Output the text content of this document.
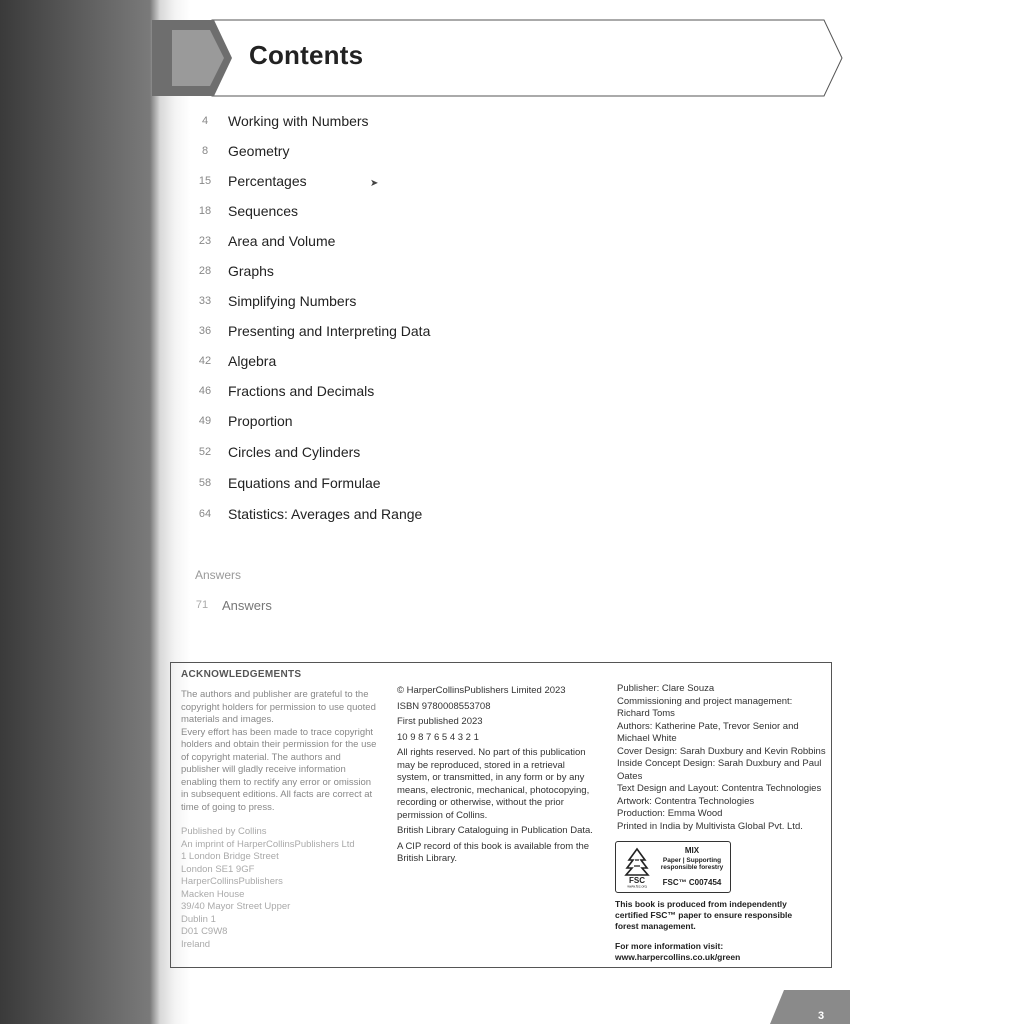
Contents
4	Working with Numbers
8	Geometry
15	Percentages
18	Sequences
23	Area and Volume
28	Graphs
33	Simplifying Numbers
36	Presenting and Interpreting Data
42	Algebra
46	Fractions and Decimals
49	Proportion
52	Circles and Cylinders
58	Equations and Formulae
64	Statistics: Averages and Range
➤
Answers
71	Answers
ACKNOWLEDGEMENTS

The authors and publisher are grateful to the copyright holders for permission to use quoted materials and images.

Every effort has been made to trace copyright holders and obtain their permission for the use of copyright material. The authors and publisher will gladly receive information enabling them to rectify any error or omission in subsequent editions. All facts are correct at time of going to press.

Published by Collins
An imprint of HarperCollinsPublishers Ltd
1 London Bridge Street
London SE1 9GF
HarperCollinsPublishers
Macken House
39/40 Mayor Street Upper
Dublin 1
D01 C9W8
Ireland

© HarperCollinsPublishers Limited 2023

ISBN 9780008553708

First published 2023

10 9 8 7 6 5 4 3 2 1

All rights reserved. No part of this publication may be reproduced, stored in a retrieval system, or transmitted, in any form or by any means, electronic, mechanical, photocopying, recording or otherwise, without the prior permission of Collins.

British Library Cataloguing in Publication Data.

A CIP record of this book is available from the British Library.

Publisher: Clare Souza

Commissioning and project management: Richard Toms

Authors: Katherine Pate, Trevor Senior and Michael White

Cover Design: Sarah Duxbury and Kevin Robbins

Inside Concept Design: Sarah Duxbury and Paul Oates

Text Design and Layout: Contentra Technologies

Artwork: Contentra Technologies

Production: Emma Wood

Printed in India by Multivista Global Pvt. Ltd.

FSC
www.fsc.org
MIX
Paper | Supporting responsible forestry
FSC™ C007454
This book is produced from independently certified FSC™ paper to ensure responsible forest management.
For more information visit: www.harpercollins.co.uk/green
3
